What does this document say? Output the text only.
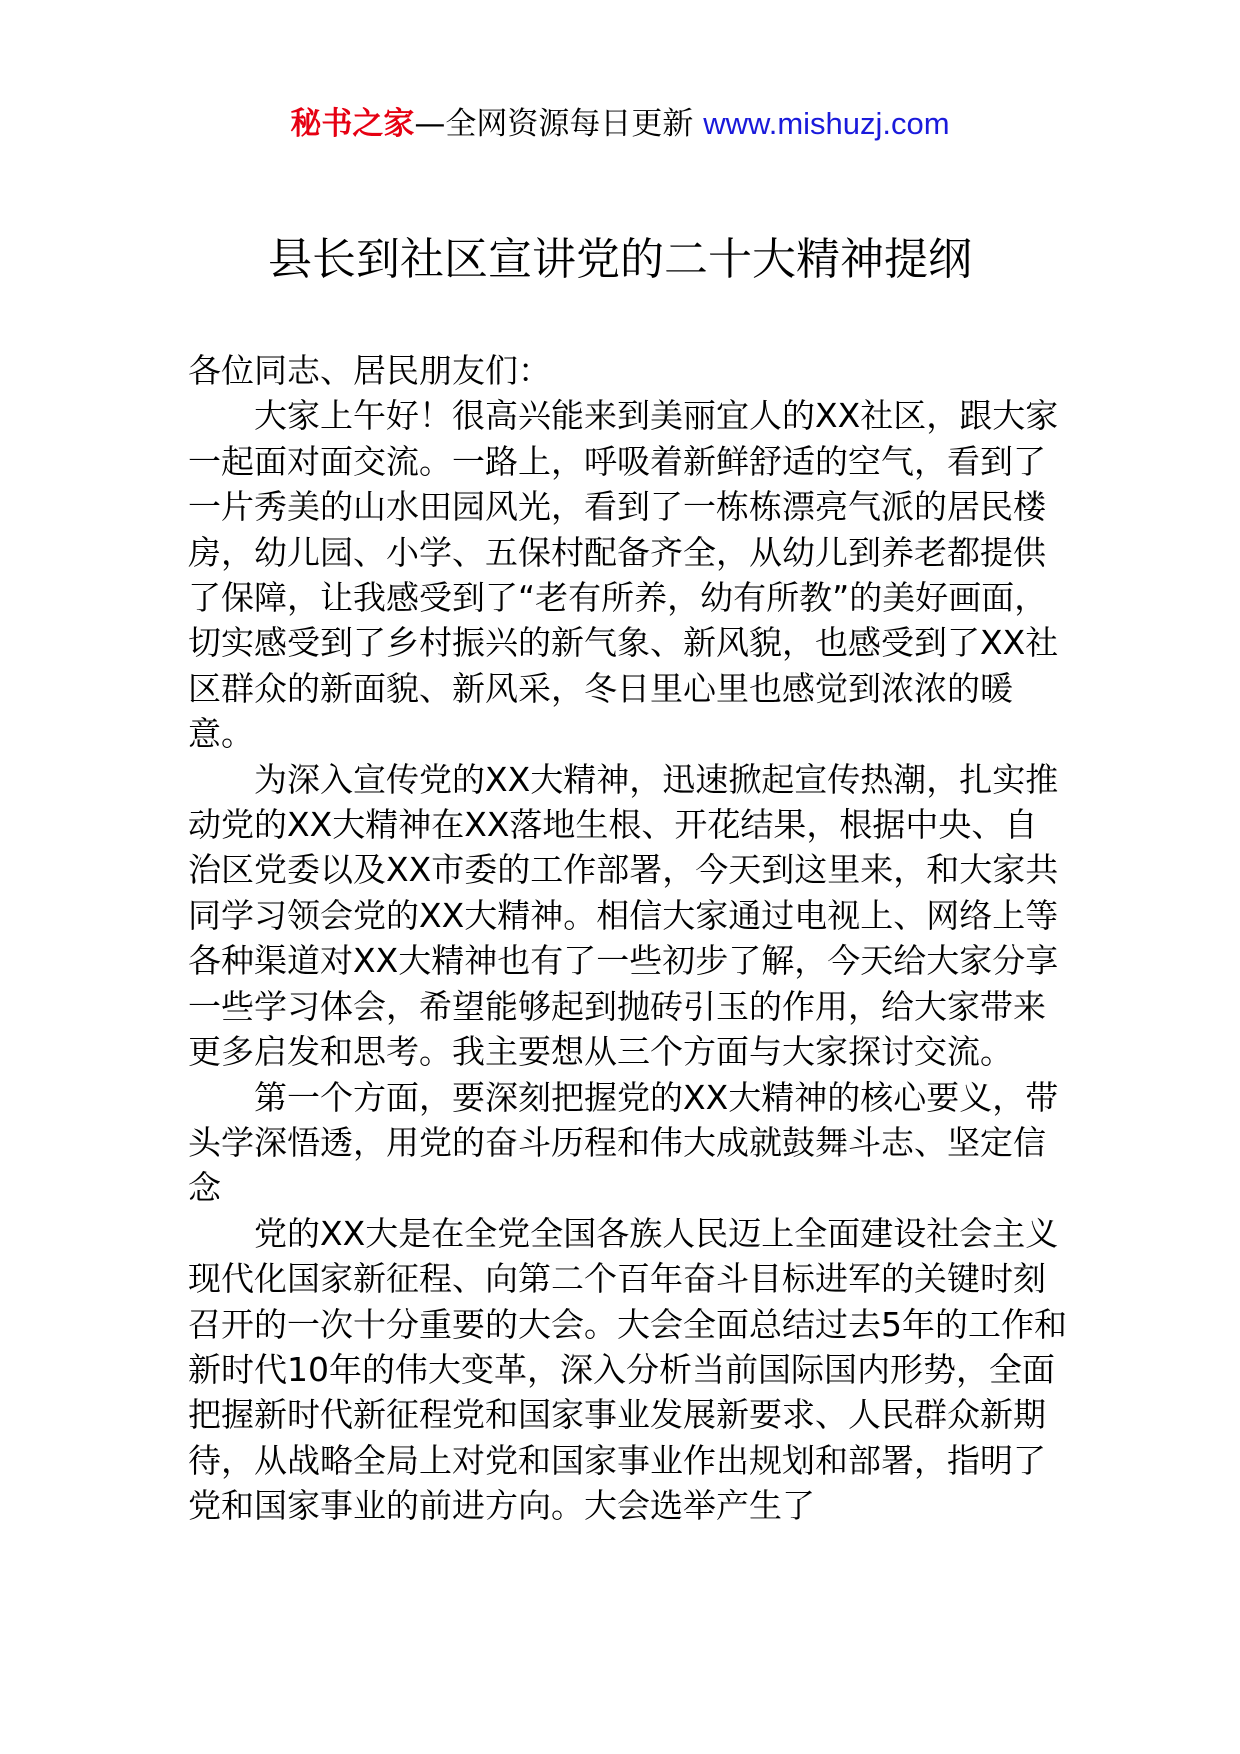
秘书之家—全网资源每日更新 www.mishuzj.com
县长到社区宣讲党的二十大精神提纲

各位同志、居民朋友们：

大家上午好！很高兴能来到美丽宜人的XX社区，跟大家一起面对面交流。一路上，呼吸着新鲜舒适的空气，看到了一片秀美的山水田园风光，看到了一栋栋漂亮气派的居民楼房，幼儿园、小学、五保村配备齐全，从幼儿到养老都提供了保障，让我感受到了“老有所养，幼有所教”的美好画面，切实感受到了乡村振兴的新气象、新风貌，也感受到了XX社区群众的新面貌、新风采，冬日里心里也感觉到浓浓的暖意。

为深入宣传党的XX大精神，迅速掀起宣传热潮，扎实推动党的XX大精神在XX落地生根、开花结果，根据中央、自治区党委以及XX市委的工作部署，今天到这里来，和大家共同学习领会党的XX大精神。相信大家通过电视上、网络上等各种渠道对XX大精神也有了一些初步了解，今天给大家分享一些学习体会，希望能够起到抛砖引玉的作用，给大家带来更多启发和思考。我主要想从三个方面与大家探讨交流。

第一个方面，要深刻把握党的XX大精神的核心要义，带头学深悟透，用党的奋斗历程和伟大成就鼓舞斗志、坚定信念

党的XX大是在全党全国各族人民迈上全面建设社会主义现代化国家新征程、向第二个百年奋斗目标进军的关键时刻召开的一次十分重要的大会。大会全面总结过去5年的工作和新时代10年的伟大变革，深入分析当前国际国内形势，全面把握新时代新征程党和国家事业发展新要求、人民群众新期待，从战略全局上对党和国家事业作出规划和部署，指明了党和国家事业的前进方向。大会选举产生了
